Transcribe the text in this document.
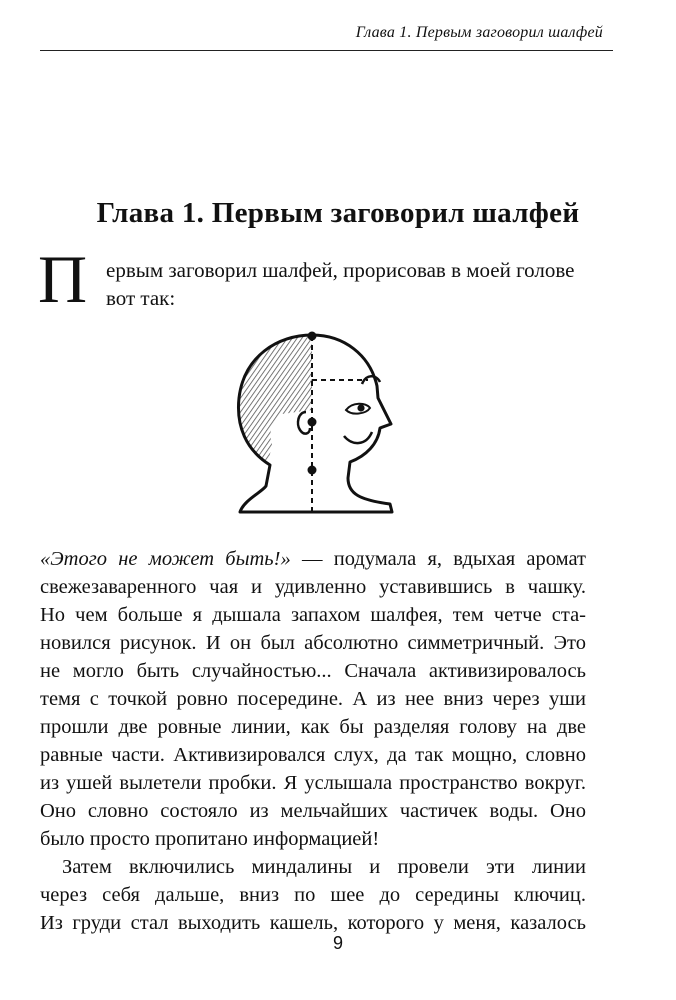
Глава 1. Первым заговорил шалфей
Глава 1. Первым заговорил шалфей
П ервым заговорил шалфей, прорисовав в моей голове
вот так:
«Этого не может быть!» — подумала я, вдыхая аромат
свежезаваренного чая и удивленно уставившись в чашку.
Но чем больше я дышала запахом шалфея, тем четче ста-
новился рисунок. И он был абсолютно симметричный. Это
не могло быть случайностью... Сначала активизировалось
темя с точкой ровно посередине. А из нее вниз через уши
прошли две ровные линии, как бы разделяя голову на две
равные части. Активизировался слух, да так мощно, словно
из ушей вылетели пробки. Я услышала пространство вокруг.
Оно словно состояло из мельчайших частичек воды. Оно
было просто пропитано информацией!
Затем включились миндалины и провели эти линии
через себя дальше, вниз по шее до середины ключиц.
Из груди стал выходить кашель, которого у меня, казалось
9
